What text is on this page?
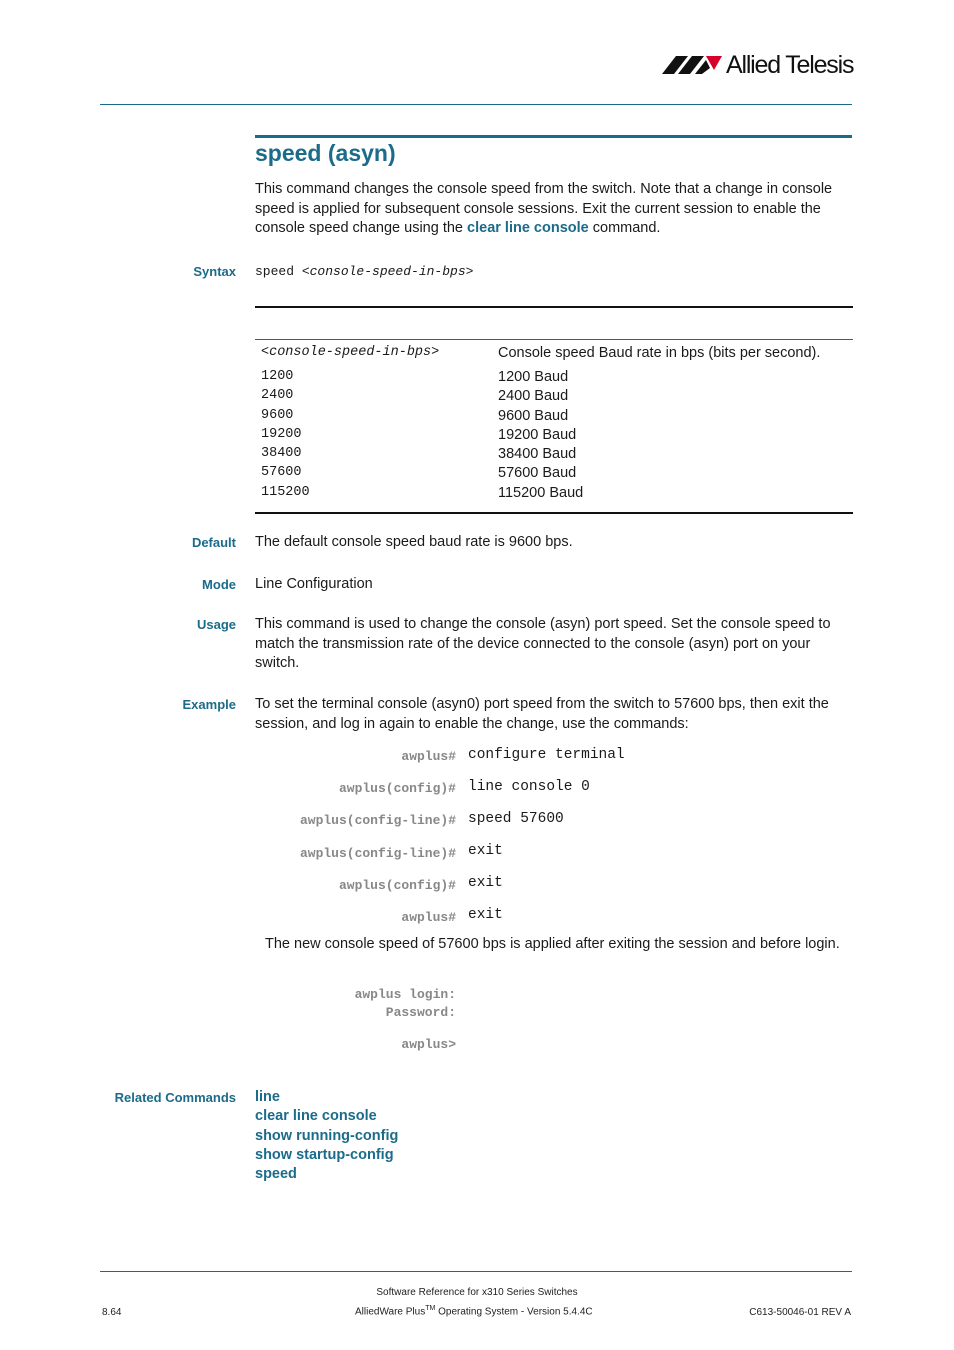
Allied Telesis
speed (asyn)
This command changes the console speed from the switch. Note that a change in console speed is applied for subsequent console sessions. Exit the current session to enable the console speed change using the clear line console command.
Syntax speed <console-speed-in-bps>
<console-speed-in-bps>	Console speed Baud rate in bps (bits per second).
1200	1200 Baud
2400	2400 Baud
9600	9600 Baud
19200	19200 Baud
38400	38400 Baud
57600	57600 Baud
115200	115200 Baud
Default The default console speed baud rate is 9600 bps.
Mode Line Configuration
Usage This command is used to change the console (asyn) port speed. Set the console speed to match the transmission rate of the device connected to the console (asyn) port on your switch.
Example To set the terminal console (asyn0) port speed from the switch to 57600 bps, then exit the session, and log in again to enable the change, use the commands:
awplus# configure terminal
awplus(config)# line console 0
awplus(config-line)# speed 57600
awplus(config-line)# exit
awplus(config)# exit
awplus# exit
The new console speed of 57600 bps is applied after exiting the session and before login.
awplus login:
Password:
awplus>
Related Commands line
clear line console
show running-config
show startup-config
speed
Software Reference for x310 Series Switches
AlliedWare Plus™ Operating System - Version 5.4.4C
8.64	C613-50046-01 REV A
